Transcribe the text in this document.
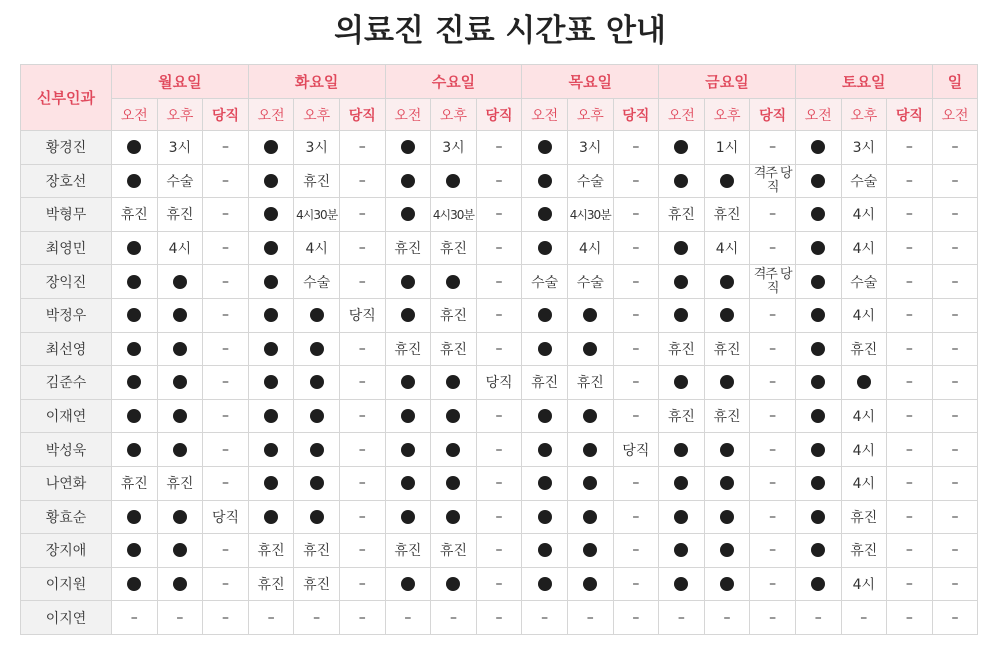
의료진 진료 시간표 안내
신부인과	월요일			화요일			수요일			목요일			금요일			토요일			일
	오전	오후	당직	오전	오후	당직	오전	오후	당직	오전	오후	당직	오전	오후	당직	오전	오후	당직	오전
황경진		3시	–		3시	–		3시	–		3시	–		1시	–		3시	–	–
장호선		수술	–		휴진	–			–		수술	–			격주 당직		수술	–	–
박형무	휴진	휴진	–		4시30분	–		4시30분	–		4시30분	–	휴진	휴진	–		4시	–	–
최영민		4시	–		4시	–	휴진	휴진	–		4시	–		4시	–		4시	–	–
장익진			–		수술	–			–	수술	수술	–			격주 당직		수술	–	–
박정우			–			당직		휴진	–			–			–		4시	–	–
최선영			–			–	휴진	휴진	–			–	휴진	휴진	–		휴진	–	–
김준수			–			–			당직	휴진	휴진	–			–			–	–
이재연			–			–			–			–	휴진	휴진	–		4시	–	–
박성욱			–			–			–			당직			–		4시	–	–
나연화	휴진	휴진	–			–			–			–			–		4시	–	–
황효순			당직			–			–			–			–		휴진	–	–
장지애			–	휴진	휴진	–	휴진	휴진	–			–			–		휴진	–	–
이지원			–	휴진	휴진	–			–			–			–		4시	–	–
이지연	–	–	–	–	–	–	–	–	–	–	–	–	–	–	–	–	–	–	–
